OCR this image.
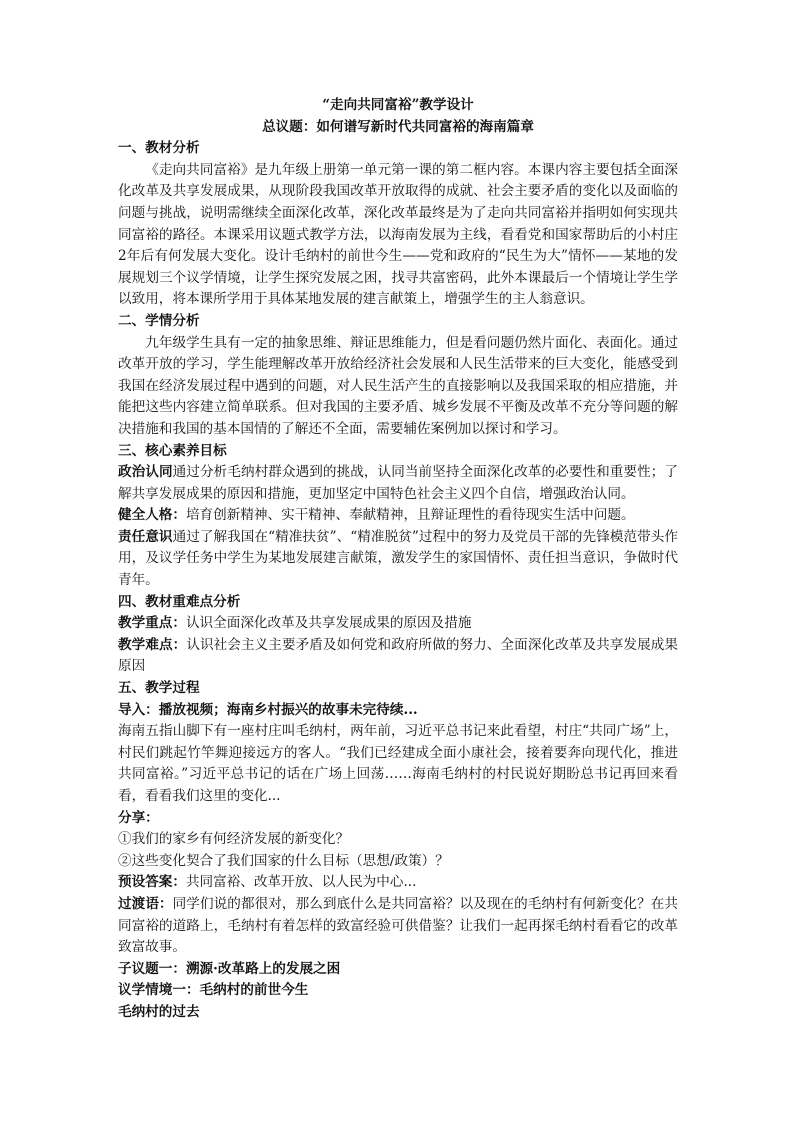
“走向共同富裕”教学设计
总议题：如何谱写新时代共同富裕的海南篇章
一、教材分析
《走向共同富裕》是九年级上册第一单元第一课的第二框内容。本课内容主要包括全面深化改革及共享发展成果，从现阶段我国改革开放取得的成就、社会主要矛盾的变化以及面临的问题与挑战，说明需继续全面深化改革，深化改革最终是为了走向共同富裕并指明如何实现共同富裕的路径。本课采用议题式教学方法，以海南发展为主线，看看党和国家帮助后的小村庄 2年后有何发展大变化。设计毛纳村的前世今生——党和政府的“民生为大”情怀——某地的发展规划三个议学情境，让学生探究发展之困，找寻共富密码，此外本课最后一个情境让学生学以致用，将本课所学用于具体某地发展的建言献策上，增强学生的主人翁意识。
二、学情分析
九年级学生具有一定的抽象思维、辩证思维能力，但是看问题仍然片面化、表面化。通过改革开放的学习，学生能理解改革开放给经济社会发展和人民生活带来的巨大变化，能感受到我国在经济发展过程中遇到的问题，对人民生活产生的直接影响以及我国采取的相应措施，并能把这些内容建立简单联系。但对我国的主要矛盾、城乡发展不平衡及改革不充分等问题的解决措施和我国的基本国情的了解还不全面，需要辅佐案例加以探讨和学习。
三、核心素养目标
政治认同通过分析毛纳村群众遇到的挑战，认同当前坚持全面深化改革的必要性和重要性；了解共享发展成果的原因和措施，更加坚定中国特色社会主义四个自信，增强政治认同。
健全人格：培育创新精神、实干精神、奉献精神，且辩证理性的看待现实生活中问题。
责任意识通过了解我国在“精准扶贫”、“精准脱贫”过程中的努力及党员干部的先锋模范带头作用，及议学任务中学生为某地发展建言献策，激发学生的家国情怀、责任担当意识，争做时代青年。
四、教材重难点分析
教学重点：认识全面深化改革及共享发展成果的原因及措施
教学难点：认识社会主义主要矛盾及如何党和政府所做的努力、全面深化改革及共享发展成果原因
五、教学过程
导入：播放视频；海南乡村振兴的故事未完待续...
海南五指山脚下有一座村庄叫毛纳村，两年前，习近平总书记来此看望，村庄“共同广场”上，村民们跳起竹竿舞迎接远方的客人。“我们已经建成全面小康社会，接着要奔向现代化，推进共同富裕。”习近平总书记的话在广场上回荡……海南毛纳村的村民说好期盼总书记再回来看看，看看我们这里的变化...
分享：
①我们的家乡有何经济发展的新变化？
②这些变化契合了我们国家的什么目标（思想/政策）？
预设答案：共同富裕、改革开放、以人民为中心...
过渡语：同学们说的都很对，那么到底什么是共同富裕？以及现在的毛纳村有何新变化？在共同富裕的道路上，毛纳村有着怎样的致富经验可供借鉴？让我们一起再探毛纳村看看它的改革致富故事。
子议题一：溯源·改革路上的发展之困
议学情境一：毛纳村的前世今生
毛纳村的过去
